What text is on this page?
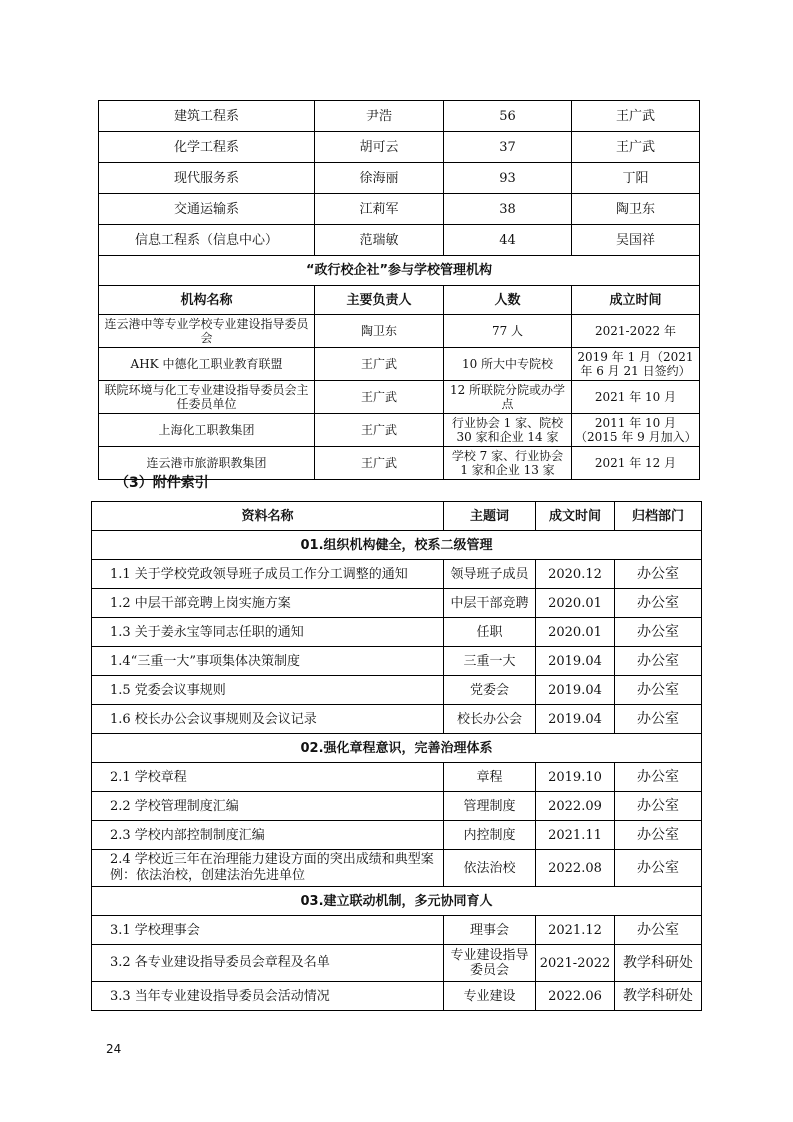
建筑工程系	尹浩	56	王广武
化学工程系	胡可云	37	王广武
现代服务系	徐海丽	93	丁阳
交通运输系	江莉军	38	陶卫东
信息工程系（信息中心）	范瑞敏	44	吴国祥
“政行校企社”参与学校管理机构			
机构名称	主要负责人	人数	成立时间
连云港中等专业学校专业建设指导委员会	陶卫东	77 人	2021-2022 年
AHK 中德化工职业教育联盟	王广武	10 所大中专院校	2019 年 1 月（2021 年 6 月 21 日签约）
联院环境与化工专业建设指导委员会主任委员单位	王广武	12 所联院分院或办学点	2021 年 10 月
上海化工职教集团	王广武	行业协会 1 家、院校 30 家和企业 14 家	2011 年 10 月（2015 年 9 月加入）
连云港市旅游职教集团	王广武	学校 7 家、行业协会 1 家和企业 13 家	2021 年 12 月
（3）附件索引
资料名称	主题词	成文时间	归档部门
01.组织机构健全，校系二级管理			
1.1 关于学校党政领导班子成员工作分工调整的通知	领导班子成员	2020.12	办公室
1.2 中层干部竞聘上岗实施方案	中层干部竞聘	2020.01	办公室
1.3 关于姜永宝等同志任职的通知	任职	2020.01	办公室
1.4“三重一大”事项集体决策制度	三重一大	2019.04	办公室
1.5 党委会议事规则	党委会	2019.04	办公室
1.6 校长办公会议事规则及会议记录	校长办公会	2019.04	办公室
02.强化章程意识，完善治理体系			
2.1 学校章程	章程	2019.10	办公室
2.2 学校管理制度汇编	管理制度	2022.09	办公室
2.3 学校内部控制制度汇编	内控制度	2021.11	办公室
2.4 学校近三年在治理能力建设方面的突出成绩和典型案例：依法治校，创建法治先进单位	依法治校	2022.08	办公室
03.建立联动机制，多元协同育人			
3.1 学校理事会	理事会	2021.12	办公室
3.2 各专业建设指导委员会章程及名单	专业建设指导委员会	2021-2022	教学科研处
3.3 当年专业建设指导委员会活动情况	专业建设	2022.06	教学科研处
24
